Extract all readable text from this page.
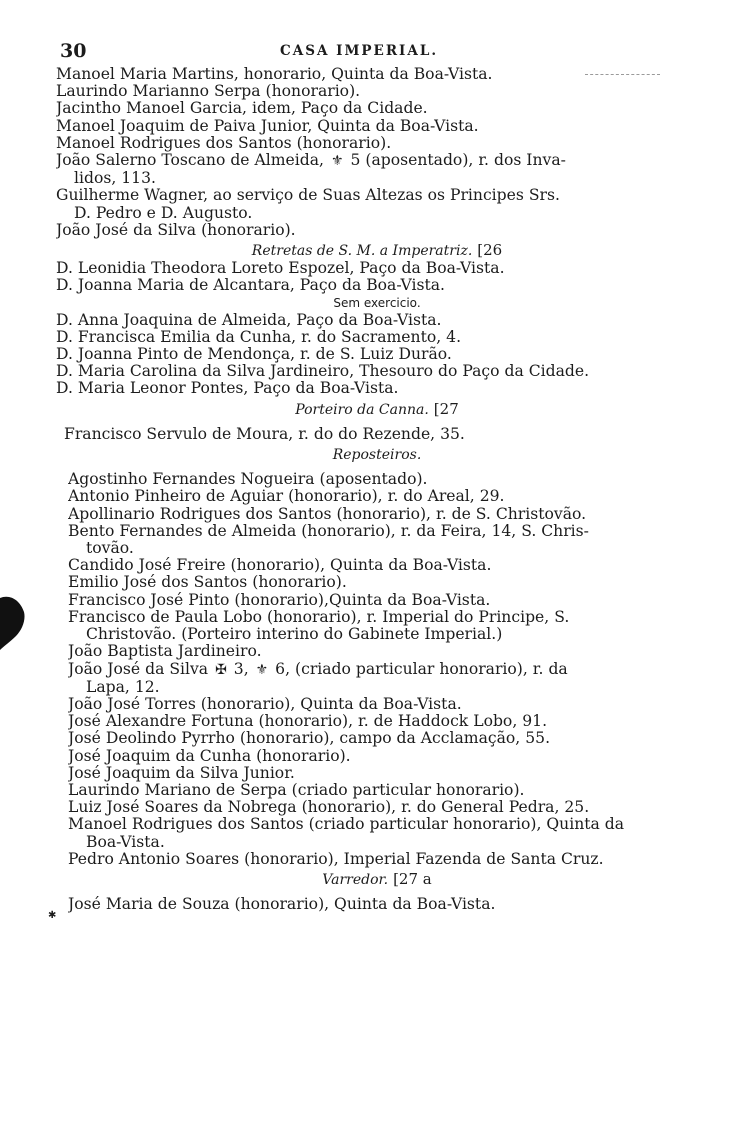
30	CASA IMPERIAL.
✱
Manoel Maria Martins, honorario, Quinta da Boa-Vista.
Laurindo Marianno Serpa (honorario).
Jacintho Manoel Garcia, idem, Paço da Cidade.
Manoel Joaquim de Paiva Junior, Quinta da Boa-Vista.
Manoel Rodrigues dos Santos (honorario).
João Salerno Toscano de Almeida, ⚜ 5 (aposentado), r. dos Inva-
lidos, 113.
Guilherme Wagner, ao serviço de Suas Altezas os Principes Srs.
D. Pedro e D. Augusto.
João José da Silva (honorario).
Retretas de S. M. a Imperatriz. [26
D. Leonidia Theodora Loreto Espozel, Paço da Boa-Vista.
D. Joanna Maria de Alcantara, Paço da Boa-Vista.
Sem exercicio.
D. Anna Joaquina de Almeida, Paço da Boa-Vista.
D. Francisca Emilia da Cunha, r. do Sacramento, 4.
D. Joanna Pinto de Mendonça, r. de S. Luiz Durão.
D. Maria Carolina da Silva Jardineiro, Thesouro do Paço da Cidade.
D. Maria Leonor Pontes, Paço da Boa-Vista.
Porteiro da Canna. [27
Francisco Servulo de Moura, r. do do Rezende, 35.
Reposteiros.
Agostinho Fernandes Nogueira (aposentado).
Antonio Pinheiro de Aguiar (honorario), r. do Areal, 29.
Apollinario Rodrigues dos Santos (honorario), r. de S. Christovão.
Bento Fernandes de Almeida (honorario), r. da Feira, 14, S. Chris-
tovão.
Candido José Freire (honorario), Quinta da Boa-Vista.
Emilio José dos Santos (honorario).
Francisco José Pinto (honorario),Quinta da Boa-Vista.
Francisco de Paula Lobo (honorario), r. Imperial do Principe, S.
Christovão. (Porteiro interino do Gabinete Imperial.)
João Baptista Jardineiro.
João José da Silva ✠ 3, ⚜ 6, (criado particular honorario), r. da
Lapa, 12.
João José Torres (honorario), Quinta da Boa-Vista.
José Alexandre Fortuna (honorario), r. de Haddock Lobo, 91.
José Deolindo Pyrrho (honorario), campo da Acclamação, 55.
José Joaquim da Cunha (honorario).
José Joaquim da Silva Junior.
Laurindo Mariano de Serpa (criado particular honorario).
Luiz José Soares da Nobrega (honorario), r. do General Pedra, 25.
Manoel Rodrigues dos Santos (criado particular honorario), Quinta da
Boa-Vista.
Pedro Antonio Soares (honorario), Imperial Fazenda de Santa Cruz.
Varredor. [27 a
José Maria de Souza (honorario), Quinta da Boa-Vista.
